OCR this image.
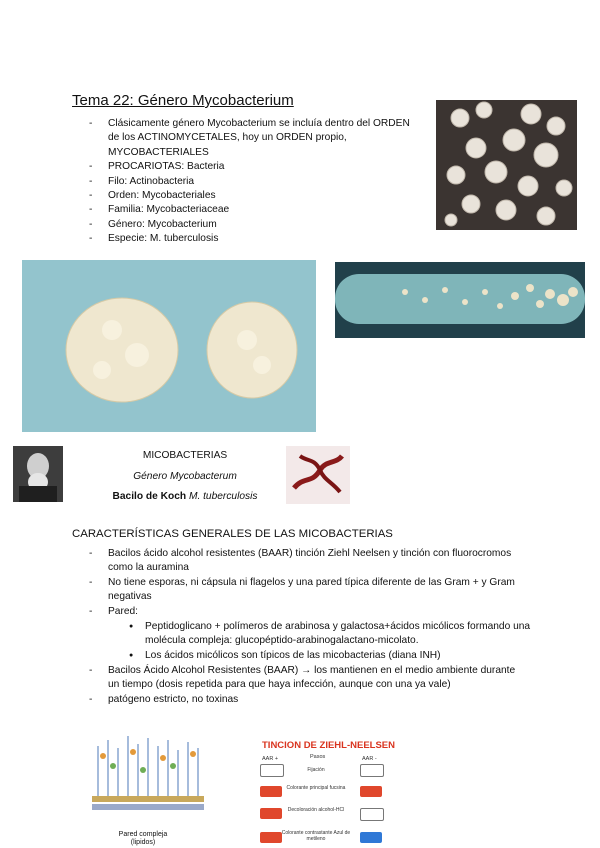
Tema 22: Género Mycobacterium
- Clásicamente género Mycobacterium se incluía dentro del ORDEN de los ACTINOMYCETALES, hoy un ORDEN propio, MYCOBACTERIALES
- PROCARIOTAS: Bacteria
- Filo: Actinobacteria
- Orden: Mycobacteriales
- Familia: Mycobacteriaceae
- Género: Mycobacterium
- Especie: M. tuberculosis
MICOBACTERIAS
Género Mycobacterum
Bacilo de Koch M. tuberculosis
CARACTERÍSTICAS GENERALES DE LAS MICOBACTERIAS
- Bacilos ácido alcohol resistentes (BAAR) tinción Ziehl Neelsen y tinción con fluorocromos como la auramina
- No tiene esporas, ni cápsula ni flagelos y una pared típica diferente de las Gram + y Gram negativas
- Pared:
● Peptidoglicano + polímeros de arabinosa y galactosa+ácidos micólicos formando una molécula compleja: glucopéptido-arabinogalactano-micolato.
● Los ácidos micólicos son típicos de las micobacterias (diana INH)
- Bacilos Ácido Alcohol Resistentes (BAAR) → los mantienen en el medio ambiente durante un tiempo (dosis repetida para que haya infección, aunque con una ya vale)
- patógeno estricto, no toxinas
Pared compleja (lipidos)
TINCION DE ZIEHL-NEELSEN
AAR +	Pasos	AAR -
Fijación
Colorante principal fucsina
Decoloración alcohol-HCl
Colorante contrastante Azul de metileno
